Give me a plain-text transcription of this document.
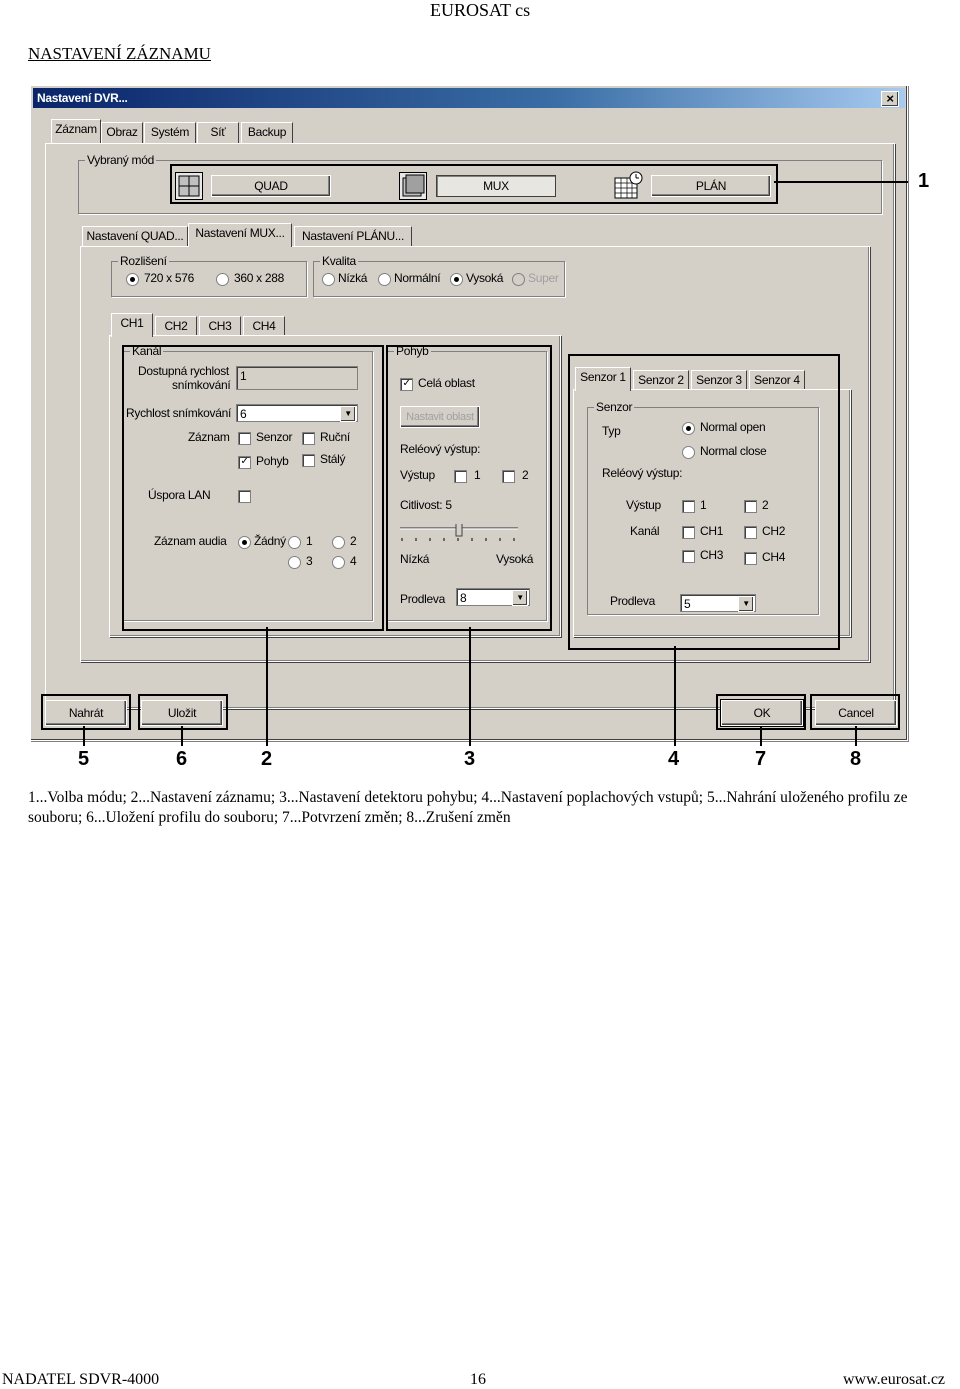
EUROSAT cs
NASTAVENÍ ZÁZNAMU
Nastavení DVR...	×
Záznam Obraz	Systém	Síť	Backup
Vybraný mód
QUAD	MUX	PLÁN
Nastavení QUAD... Nastavení MUX...	Nastavení PLÁNU...
Rozlišení
720 x 576	360 x 288
Kvalita
Nízká Normální Vysoká Super
CH1	CH2	CH3	CH4
Kanál
Dostupná rychlost
snímkování
1
Rychlost snímkování 6	▼
Záznam Senzor Ruční
✓ Pohyb	Stálý
Úspora LAN
Záznam audia Žádný 1	2
3	4
Pohyb
✓ Celá oblast
Nastavit oblast
Reléový výstup:
Výstup	1	2
Citlivost: 5
Nízká	Vysoká
Prodleva	8	▼
Senzor 1	Senzor 2	Senzor 3	Senzor 4
Senzor
Typ	Normal open
Normal close
Reléový výstup:
Výstup	1	2
Kanál	CH1	CH2
CH3	CH4
Prodleva	5	▼
Nahrát	Uložit	OK	Cancel
1
5	6	2	3	4	7	8
1...Volba módu; 2...Nastavení záznamu; 3...Nastavení detektoru pohybu; 4...Nastavení poplachových vstupů; 5...Nahrání uloženého profilu ze souboru; 6...Uložení profilu do souboru; 7...Potvrzení změn; 8...Zrušení změn
NADATEL SDVR-4000	16	www.eurosat.cz
